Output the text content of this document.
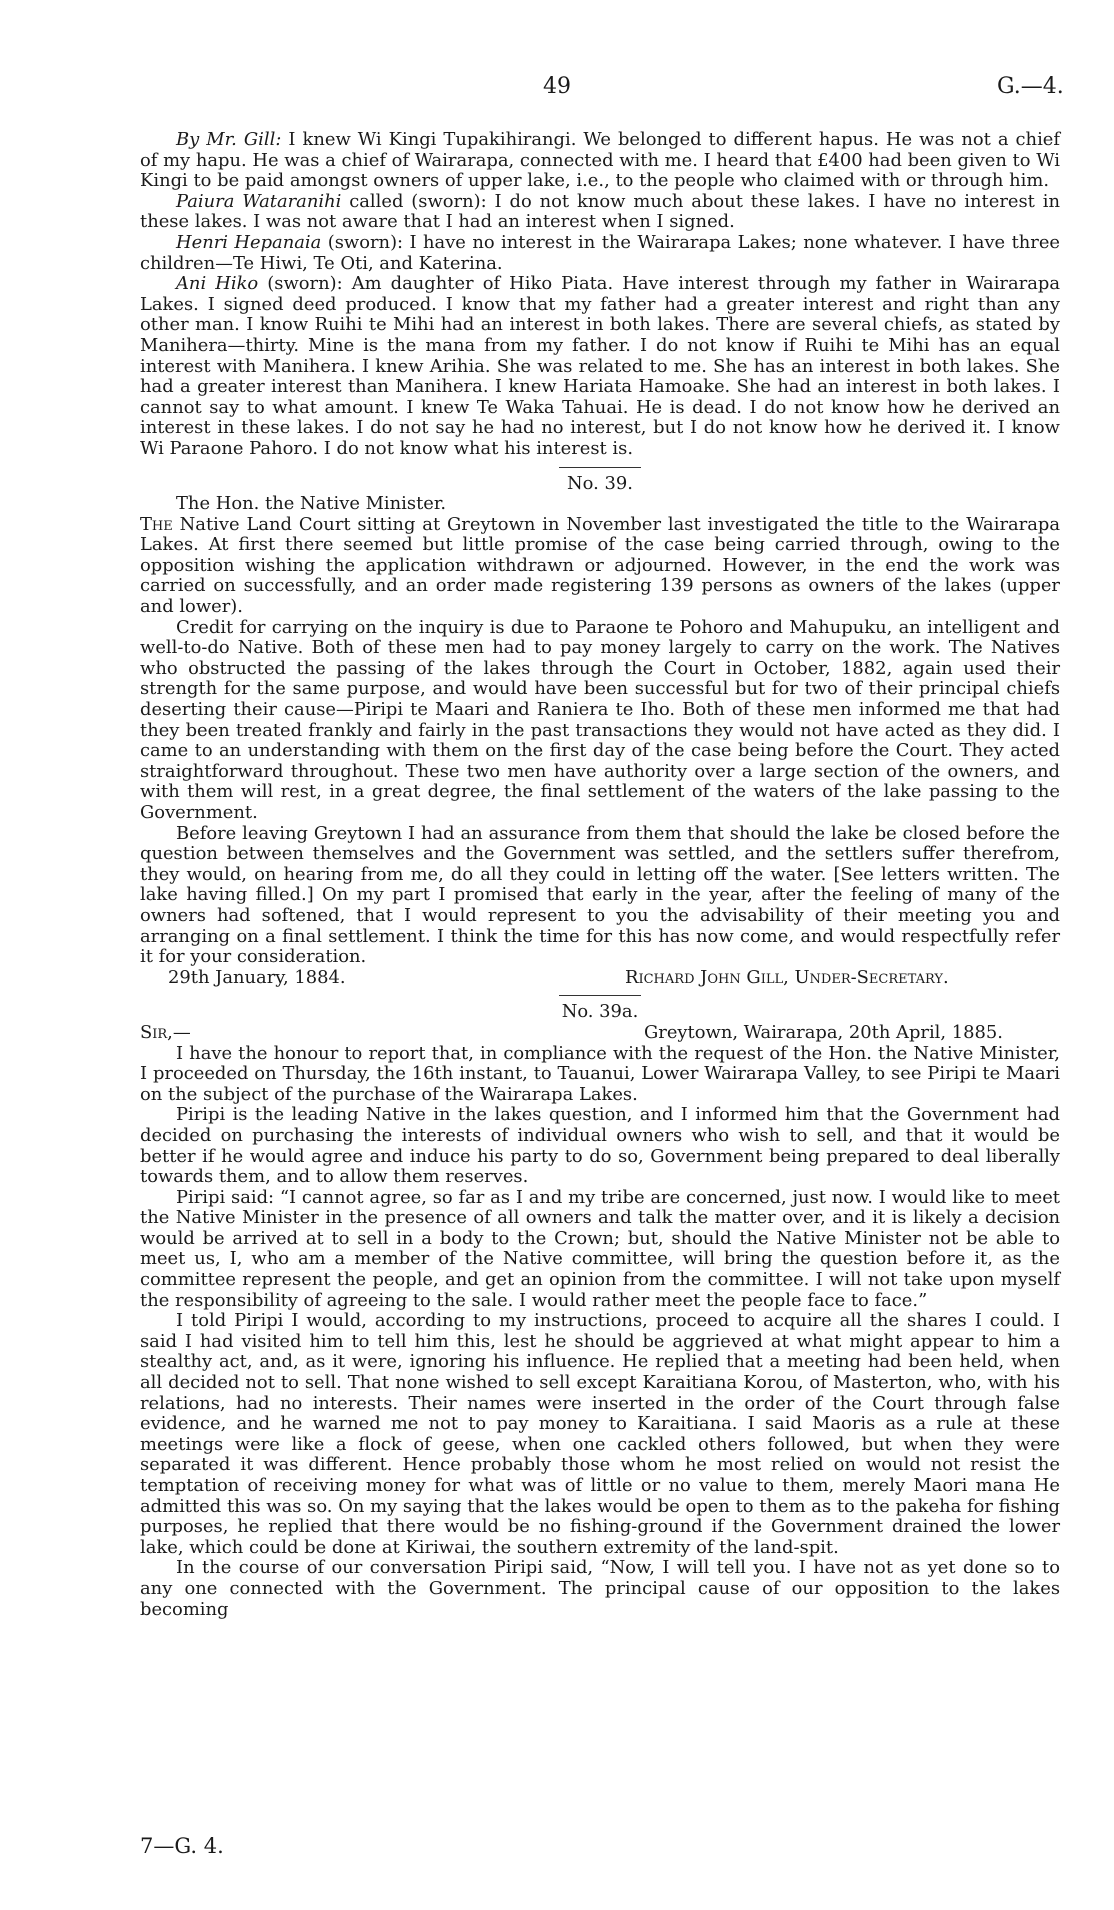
49	G.—4.

By Mr. Gill: I knew Wi Kingi Tupakihirangi. We belonged to different hapus. He was not a chief of my hapu. He was a chief of Wairarapa, connected with me. I heard that £400 had been given to Wi Kingi to be paid amongst owners of upper lake, i.e., to the people who claimed with or through him.

Paiura Wataranihi called (sworn): I do not know much about these lakes. I have no interest in these lakes. I was not aware that I had an interest when I signed.

Henri Hepanaia (sworn): I have no interest in the Wairarapa Lakes; none whatever. I have three children—Te Hiwi, Te Oti, and Katerina.

Ani Hiko (sworn): Am daughter of Hiko Piata. Have interest through my father in Wairarapa Lakes. I signed deed produced. I know that my father had a greater interest and right than any other man. I know Ruihi te Mihi had an interest in both lakes. There are several chiefs, as stated by Manihera—thirty. Mine is the mana from my father. I do not know if Ruihi te Mihi has an equal interest with Manihera. I knew Arihia. She was related to me. She has an interest in both lakes. She had a greater interest than Manihera. I knew Hariata Hamoake. She had an interest in both lakes. I cannot say to what amount. I knew Te Waka Tahuai. He is dead. I do not know how he derived an interest in these lakes. I do not say he had no interest, but I do not know how he derived it. I know Wi Paraone Pahoro. I do not know what his interest is.

No. 39.

The Hon. the Native Minister.

The Native Land Court sitting at Greytown in November last investigated the title to the Wairarapa Lakes. At first there seemed but little promise of the case being carried through, owing to the opposition wishing the application withdrawn or adjourned. However, in the end the work was carried on successfully, and an order made registering 139 persons as owners of the lakes (upper and lower).

Credit for carrying on the inquiry is due to Paraone te Pohoro and Mahupuku, an intelligent and well-to-do Native. Both of these men had to pay money largely to carry on the work. The Natives who obstructed the passing of the lakes through the Court in October, 1882, again used their strength for the same purpose, and would have been successful but for two of their principal chiefs deserting their cause—Piripi te Maari and Raniera te Iho. Both of these men informed me that had they been treated frankly and fairly in the past transactions they would not have acted as they did. I came to an understanding with them on the first day of the case being before the Court. They acted straightforward throughout. These two men have authority over a large section of the owners, and with them will rest, in a great degree, the final settlement of the waters of the lake passing to the Government.

Before leaving Greytown I had an assurance from them that should the lake be closed before the question between themselves and the Government was settled, and the settlers suffer therefrom, they would, on hearing from me, do all they could in letting off the water. [See letters written. The lake having filled.] On my part I promised that early in the year, after the feeling of many of the owners had softened, that I would represent to you the advisability of their meeting you and arranging on a final settlement. I think the time for this has now come, and would respectfully refer it for your consideration.

29th January, 1884.	Richard John Gill, Under-Secretary.

No. 39a.

Sir,—	Greytown, Wairarapa, 20th April, 1885.

I have the honour to report that, in compliance with the request of the Hon. the Native Minister, I proceeded on Thursday, the 16th instant, to Tauanui, Lower Wairarapa Valley, to see Piripi te Maari on the subject of the purchase of the Wairarapa Lakes.

Piripi is the leading Native in the lakes question, and I informed him that the Government had decided on purchasing the interests of individual owners who wish to sell, and that it would be better if he would agree and induce his party to do so, Government being prepared to deal liberally towards them, and to allow them reserves.

Piripi said: “I cannot agree, so far as I and my tribe are concerned, just now. I would like to meet the Native Minister in the presence of all owners and talk the matter over, and it is likely a decision would be arrived at to sell in a body to the Crown; but, should the Native Minister not be able to meet us, I, who am a member of the Native committee, will bring the question before it, as the committee represent the people, and get an opinion from the committee. I will not take upon myself the responsibility of agreeing to the sale. I would rather meet the people face to face.”

I told Piripi I would, according to my instructions, proceed to acquire all the shares I could. I said I had visited him to tell him this, lest he should be aggrieved at what might appear to him a stealthy act, and, as it were, ignoring his influence. He replied that a meeting had been held, when all decided not to sell. That none wished to sell except Karaitiana Korou, of Masterton, who, with his relations, had no interests. Their names were inserted in the order of the Court through false evidence, and he warned me not to pay money to Karaitiana. I said Maoris as a rule at these meetings were like a flock of geese, when one cackled others followed, but when they were separated it was different. Hence probably those whom he most relied on would not resist the temptation of receiving money for what was of little or no value to them, merely Maori mana He admitted this was so. On my saying that the lakes would be open to them as to the pakeha for fishing purposes, he replied that there would be no fishing-ground if the Government drained the lower lake, which could be done at Kiriwai, the southern extremity of the land-spit.

In the course of our conversation Piripi said, “Now, I will tell you. I have not as yet done so to any one connected with the Government. The principal cause of our opposition to the lakes becoming

7—G. 4.
